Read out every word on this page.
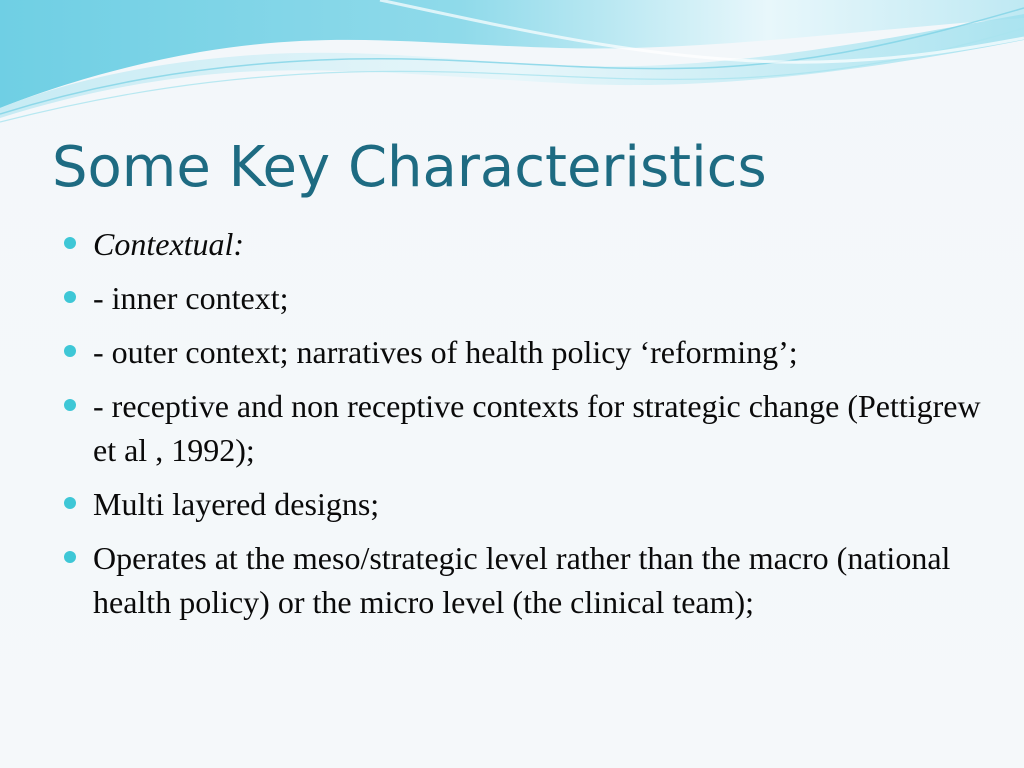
Some Key Characteristics
Contextual:
- inner context;
- outer context; narratives of health policy ‘reforming’;
- receptive and non receptive contexts for strategic change (Pettigrew et al , 1992);
Multi layered designs;
Operates at the meso/strategic level rather than the macro (national health policy) or the micro level (the clinical team);
